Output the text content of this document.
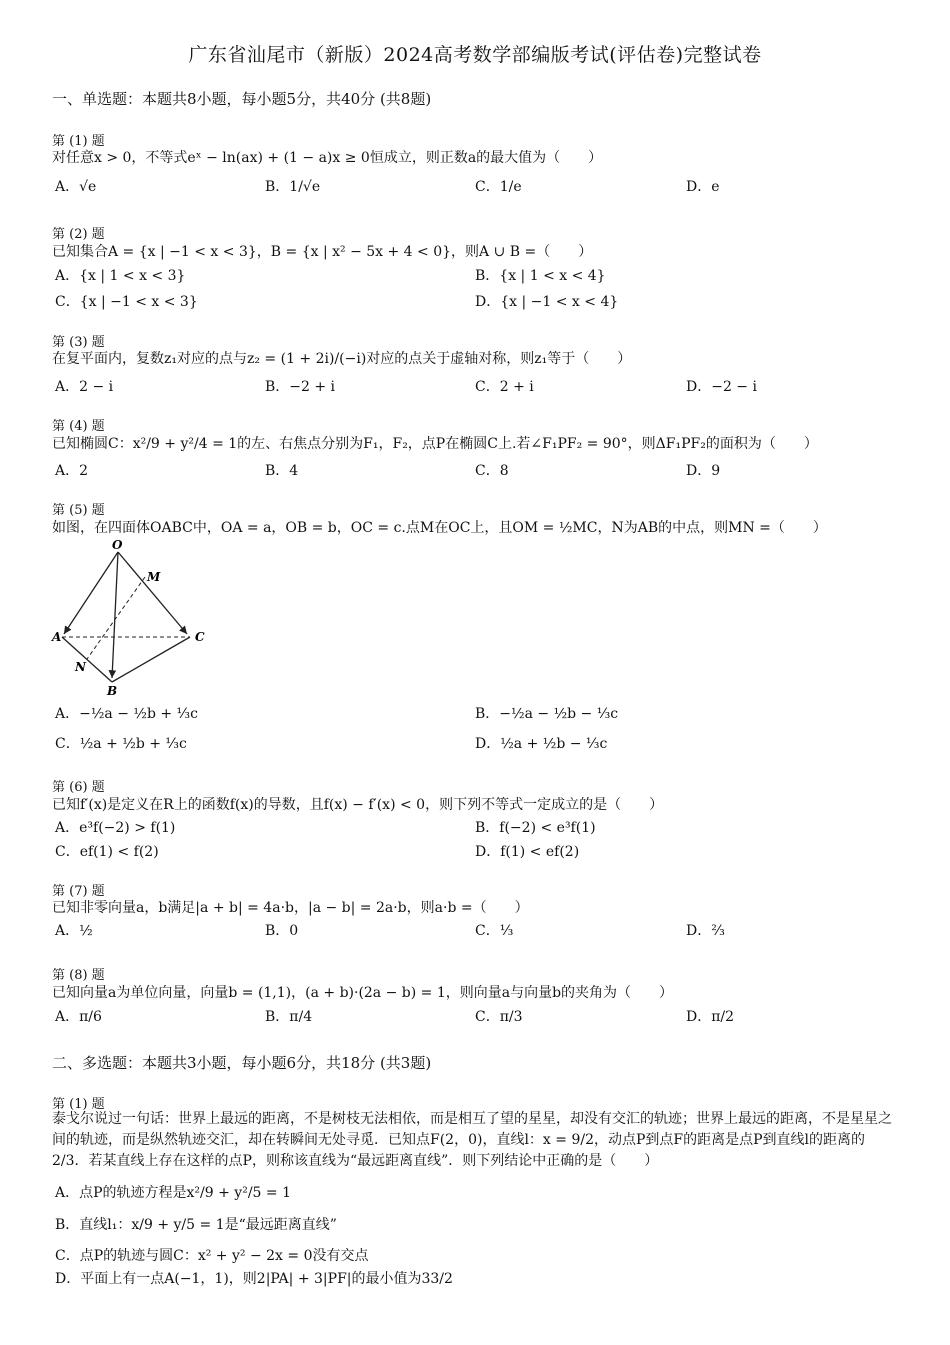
广东省汕尾市（新版）2024高考数学部编版考试(评估卷)完整试卷
一、单选题：本题共8小题，每小题5分，共40分 (共8题)
第 (1) 题
对任意x > 0，不等式eˣ − ln(ax) + (1 − a)x ≥ 0恒成立，则正数a的最大值为（　　）
A．√e	B．1/√e	C．1/e	D．e
第 (2) 题
已知集合A = {x | −1 < x < 3}，B = {x | x² − 5x + 4 < 0}，则A ∪ B =（　　）
A．{x | 1 < x < 3}	B．{x | 1 < x < 4}
C．{x | −1 < x < 3}	D．{x | −1 < x < 4}
第 (3) 题
在复平面内，复数z₁对应的点与z₂ = (1 + 2i)/(−i)对应的点关于虚轴对称，则z₁等于（　　）
A．2 − i	B．−2 + i	C．2 + i	D．−2 − i
第 (4) 题
已知椭圆C：x²/9 + y²/4 = 1的左、右焦点分别为F₁，F₂，点P在椭圆C上.若∠F₁PF₂ = 90°，则ΔF₁PF₂的面积为（　　）
A．2	B．4	C．8	D．9
第 (5) 题
如图，在四面体OABC中，OA = a，OB = b，OC = c.点M在OC上，且OM = ½MC，N为AB的中点，则MN =（　　）
O
M
A	C
N
B
A．−½a − ½b + ⅓c	B．−½a − ½b − ⅓c
C．½a + ½b + ⅓c	D．½a + ½b − ⅓c
第 (6) 题
已知f′(x)是定义在R上的函数f(x)的导数，且f(x) − f′(x) < 0，则下列不等式一定成立的是（　　）
A．e³f(−2) > f(1)	B．f(−2) < e³f(1)
C．ef(1) < f(2)	D．f(1) < ef(2)
第 (7) 题
已知非零向量a，b满足|a + b| = 4a·b，|a − b| = 2a·b，则a·b =（　　）
A．½	B．0	C．⅓	D．⅔
第 (8) 题
已知向量a为单位向量，向量b = (1,1)，(a + b)·(2a − b) = 1，则向量a与向量b的夹角为（　　）
A．π/6	B．π/4	C．π/3	D．π/2
二、多选题：本题共3小题，每小题6分，共18分 (共3题)
第 (1) 题
泰戈尔说过一句话：世界上最远的距离，不是树枝无法相依，而是相互了望的星星，却没有交汇的轨迹；世界上最远的距离，不是星星之间的轨迹，而是纵然轨迹交汇，却在转瞬间无处寻觅．已知点F(2，0)，直线l：x = 9/2，动点P到点F的距离是点P到直线l的距离的2/3．若某直线上存在这样的点P，则称该直线为“最远距离直线”．则下列结论中正确的是（　　）
A．点P的轨迹方程是x²/9 + y²/5 = 1
B．直线l₁：x/9 + y/5 = 1是“最远距离直线”
C．点P的轨迹与圆C：x² + y² − 2x = 0没有交点
D．平面上有一点A(−1，1)，则2|PA| + 3|PF|的最小值为33/2
